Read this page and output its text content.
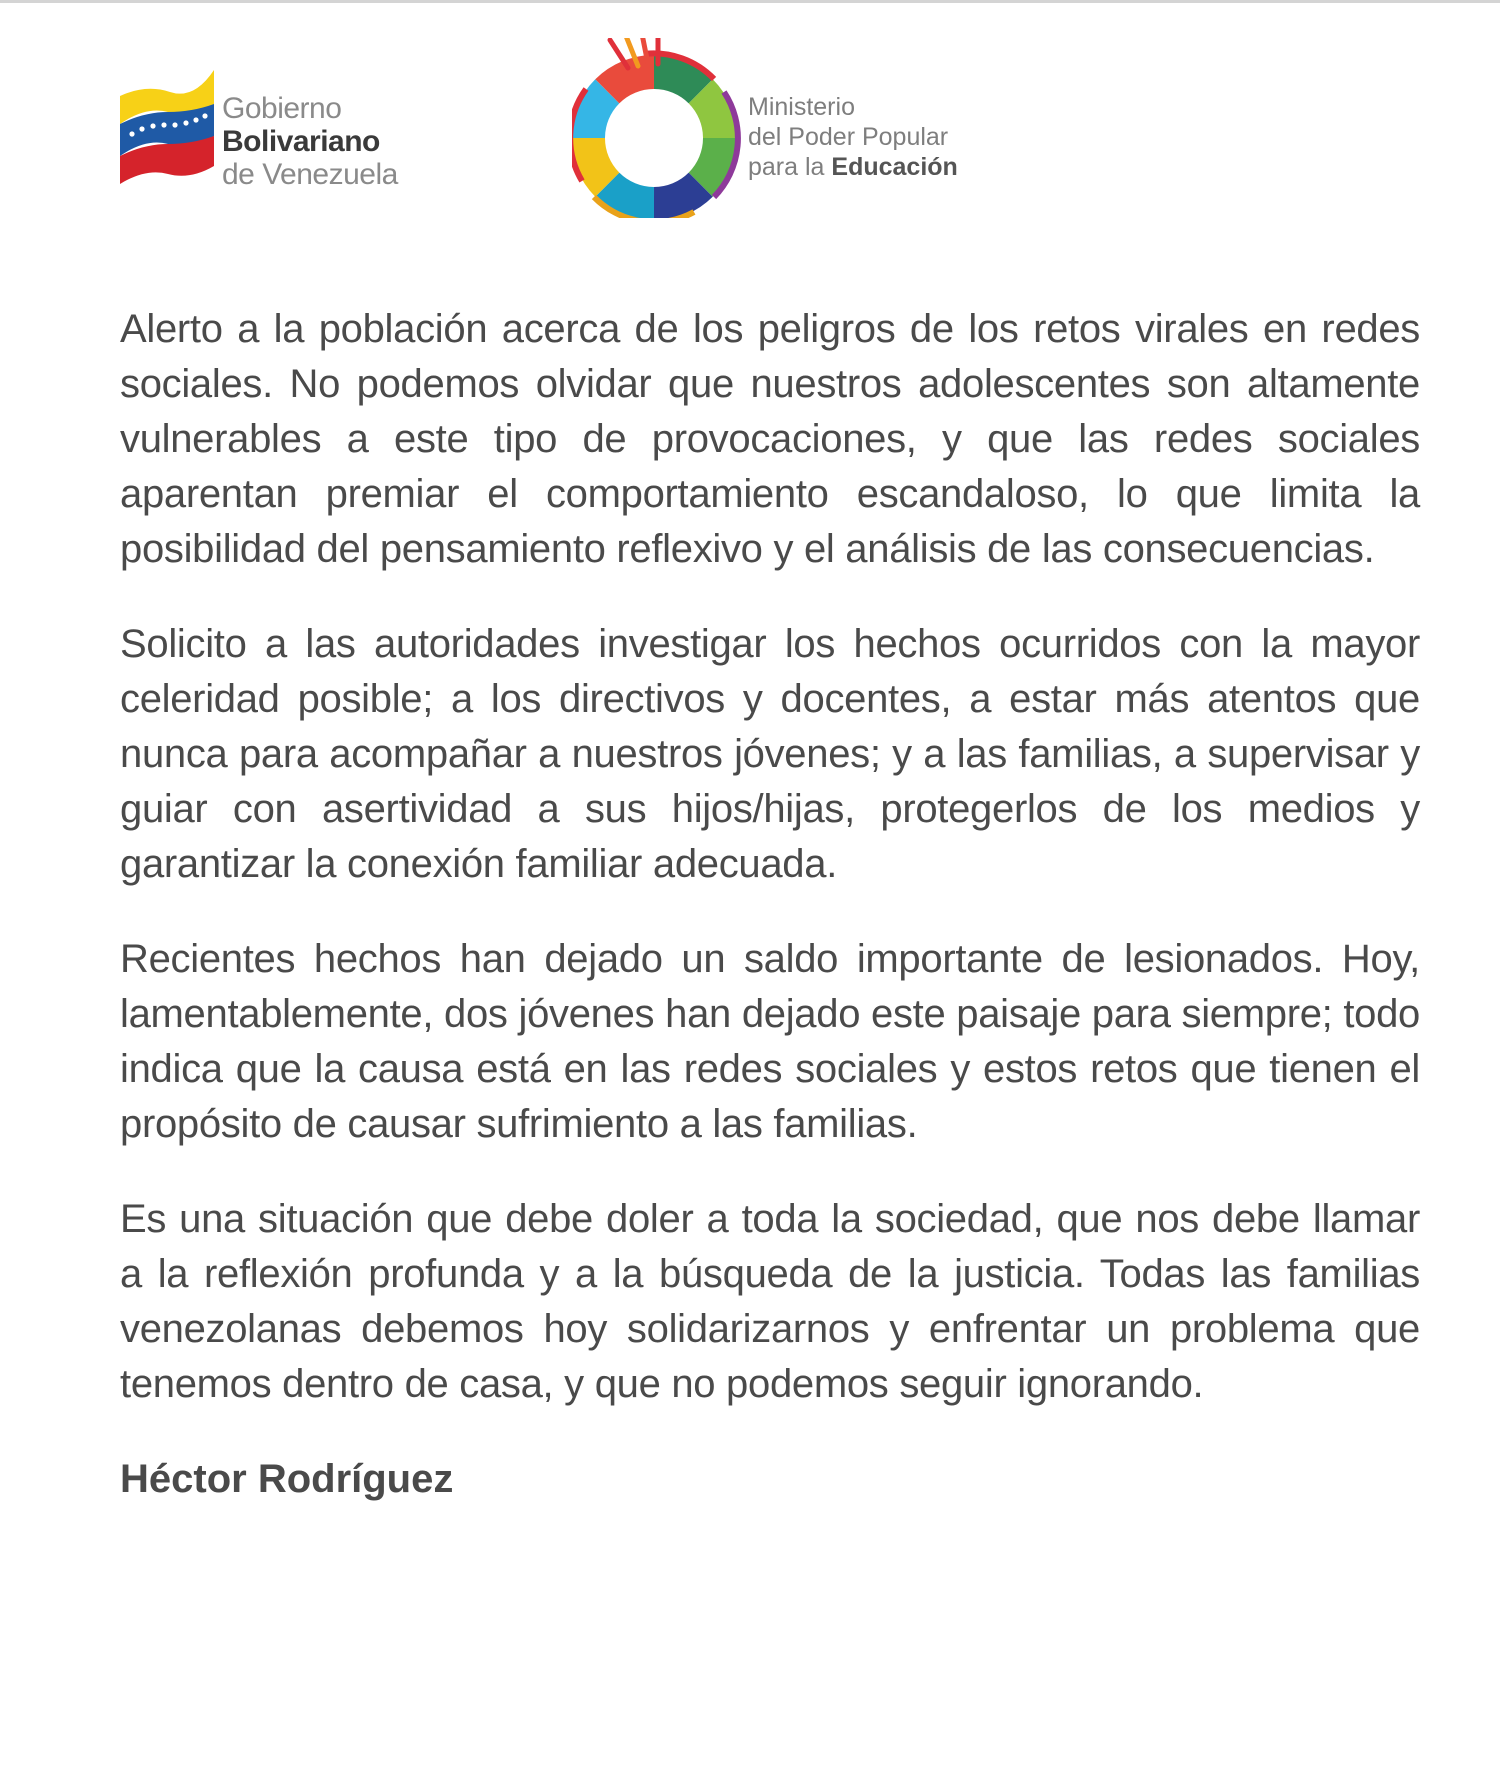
Gobierno
Bolivariano
de Venezuela
Ministerio
del Poder Popular
para la Educación

Alerto a la población acerca de los peligros de los retos virales en redes sociales. No podemos olvidar que nuestros adolescentes son altamente vulnerables a este tipo de provocaciones, y que las redes sociales aparentan premiar el comportamiento escandaloso, lo que limita la posibilidad del pensamiento reflexivo y el análisis de las consecuencias.

Solicito a las autoridades investigar los hechos ocurridos con la mayor celeridad posible; a los directivos y docentes, a estar más atentos que nunca para acompañar a nuestros jóvenes; y a las familias, a supervisar y guiar con asertividad a sus hijos/hijas, protegerlos de los medios y garantizar la conexión familiar adecuada.

Recientes hechos han dejado un saldo importante de lesionados. Hoy, lamentablemente, dos jóvenes han dejado este paisaje para siempre; todo indica que la causa está en las redes sociales y estos retos que tienen el propósito de causar sufrimiento a las familias.

Es una situación que debe doler a toda la sociedad, que nos debe llamar a la reflexión profunda y a la búsqueda de la justicia. Todas las familias venezolanas debemos hoy solidarizarnos y enfrentar un problema que tenemos dentro de casa, y que no podemos seguir ignorando.

Héctor Rodríguez
